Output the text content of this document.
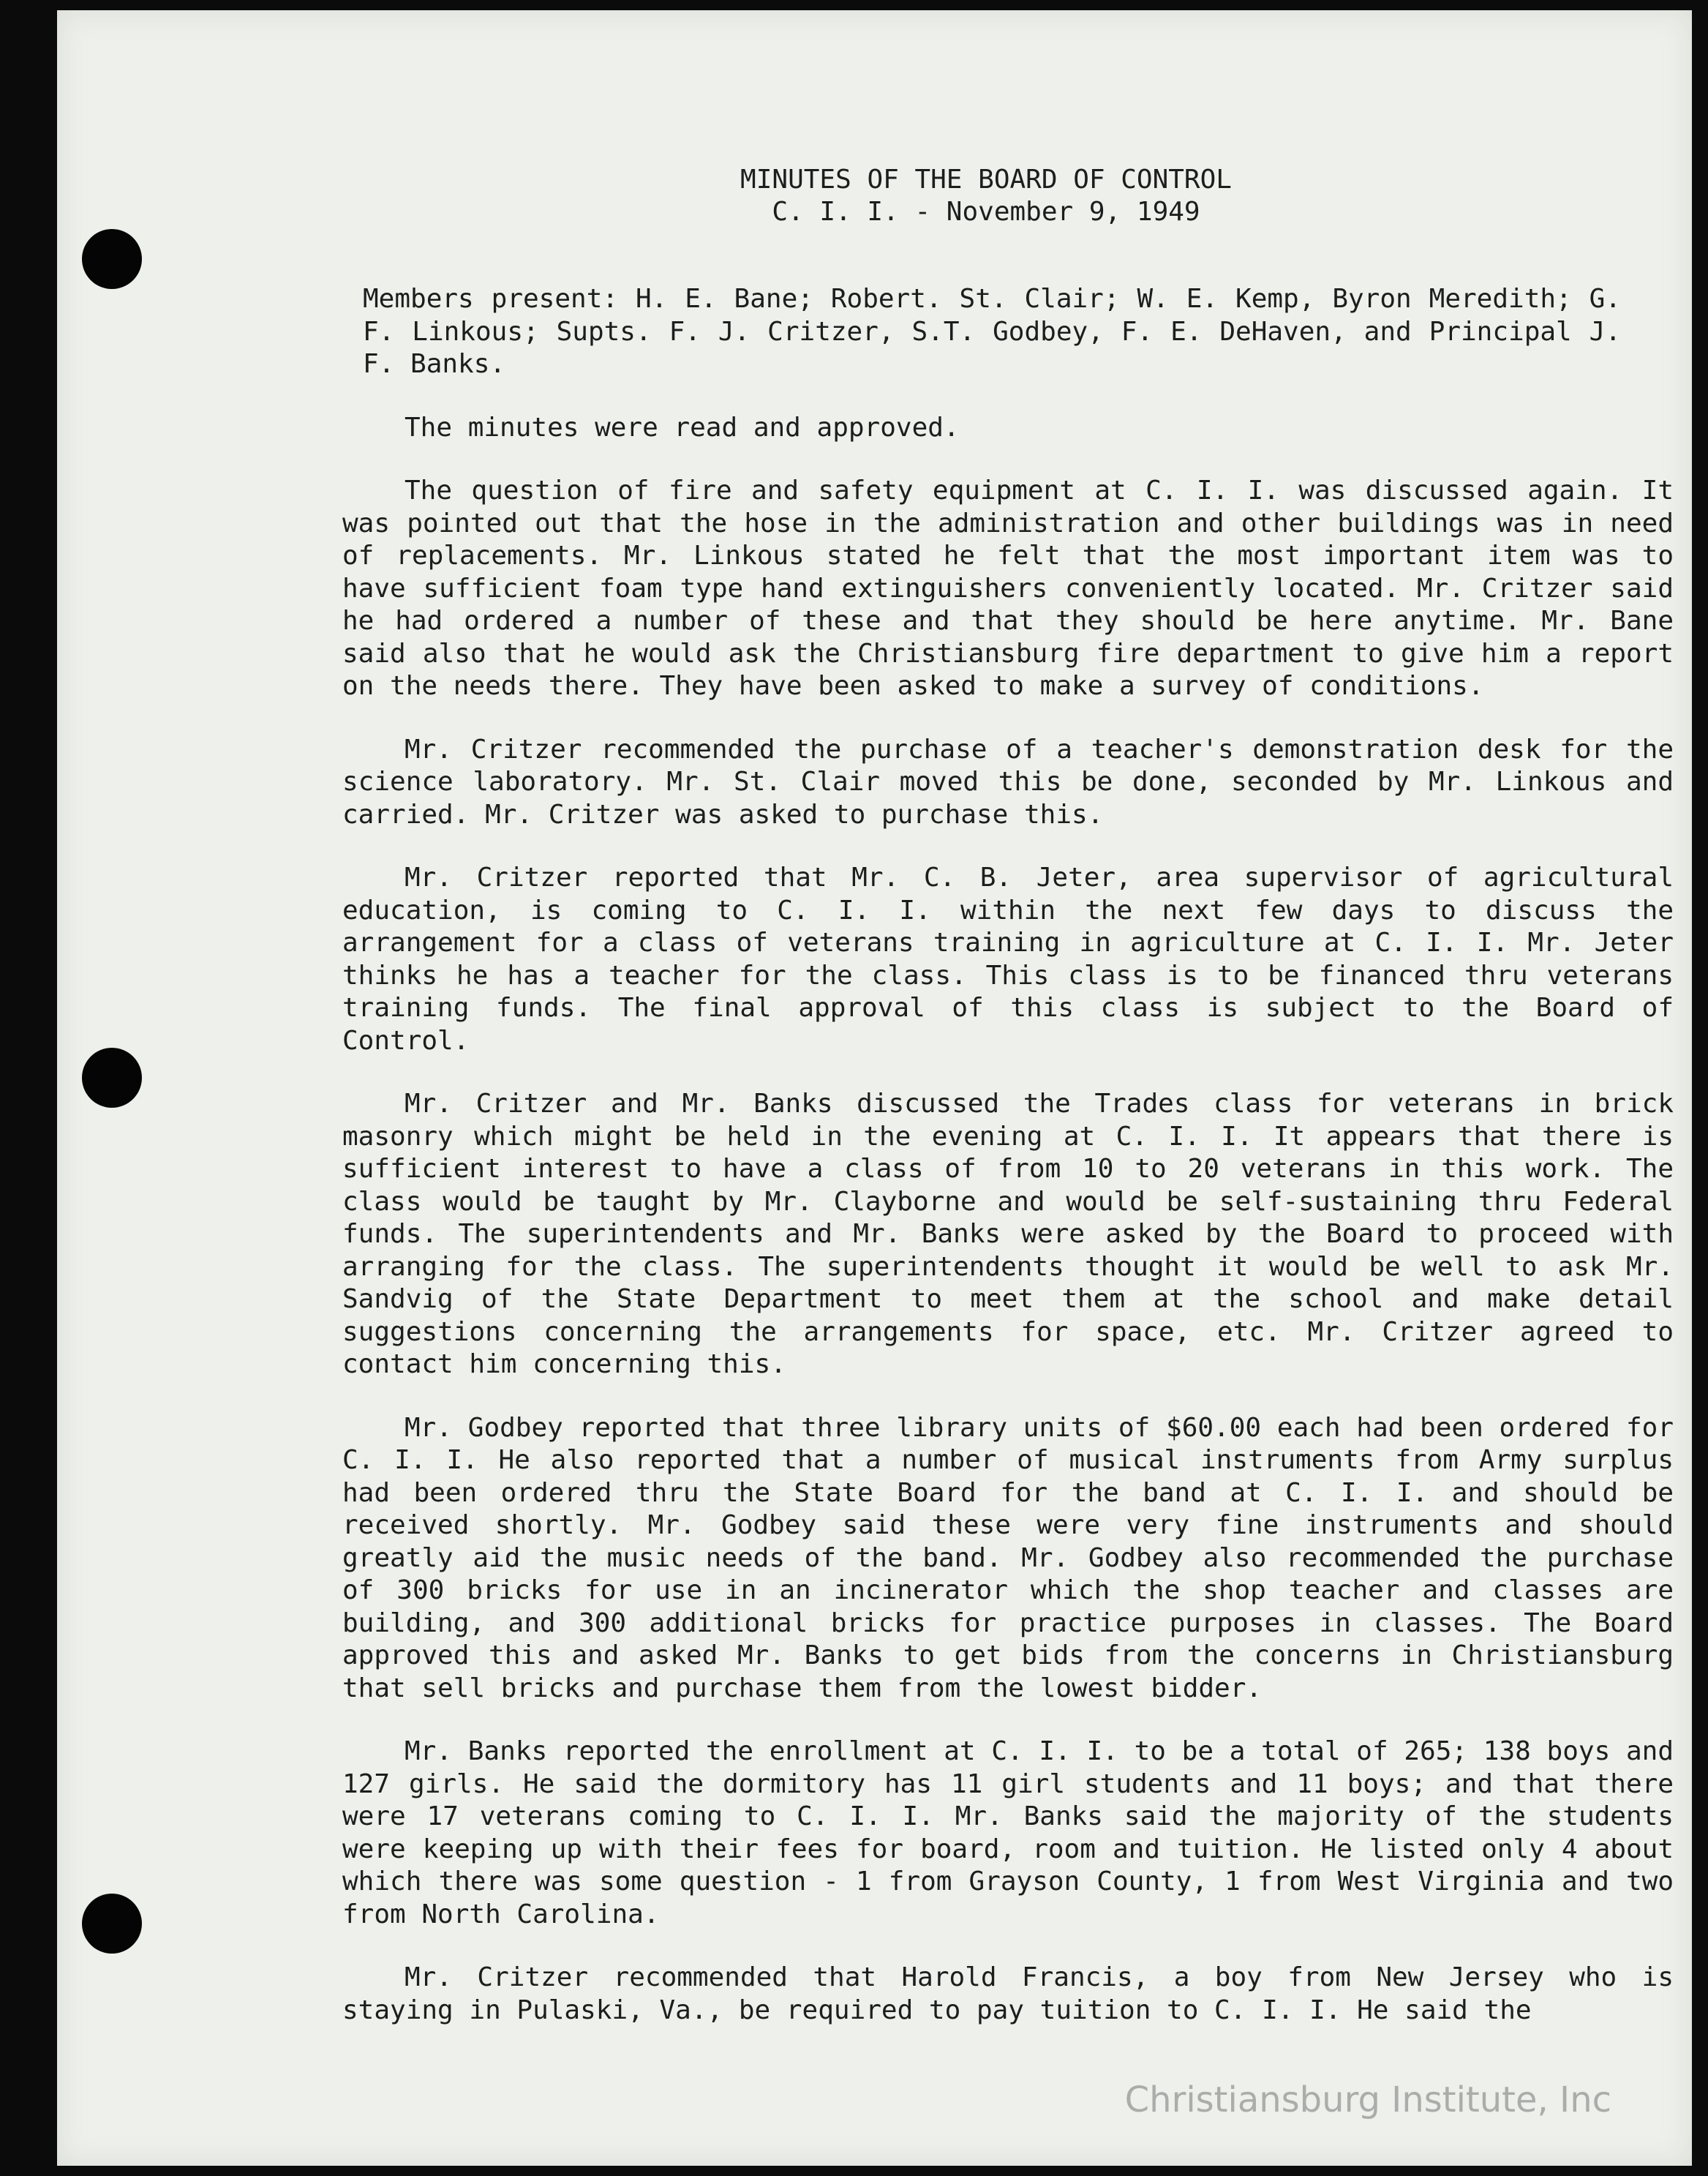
MINUTES OF THE BOARD OF CONTROL
C. I. I. - November 9, 1949

Members present: H. E. Bane; Robert. St. Clair; W. E. Kemp, Byron Meredith; G. F. Linkous; Supts. F. J. Critzer, S.T. Godbey, F. E. DeHaven, and Principal J. F. Banks.

The minutes were read and approved.

The question of fire and safety equipment at C. I. I. was discussed again. It was pointed out that the hose in the administration and other buildings was in need of replacements. Mr. Linkous stated he felt that the most important item was to have sufficient foam type hand extinguishers conveniently located. Mr. Critzer said he had ordered a number of these and that they should be here anytime. Mr. Bane said also that he would ask the Christiansburg fire department to give him a report on the needs there. They have been asked to make a survey of conditions.

Mr. Critzer recommended the purchase of a teacher's demonstration desk for the science laboratory. Mr. St. Clair moved this be done, seconded by Mr. Linkous and carried. Mr. Critzer was asked to purchase this.

Mr. Critzer reported that Mr. C. B. Jeter, area supervisor of agricultural education, is coming to C. I. I. within the next few days to discuss the arrangement for a class of veterans training in agriculture at C. I. I. Mr. Jeter thinks he has a teacher for the class. This class is to be financed thru veterans training funds. The final approval of this class is subject to the Board of Control.

Mr. Critzer and Mr. Banks discussed the Trades class for veterans in brick masonry which might be held in the evening at C. I. I. It appears that there is sufficient interest to have a class of from 10 to 20 veterans in this work. The class would be taught by Mr. Clayborne and would be self-sustaining thru Federal funds. The superintendents and Mr. Banks were asked by the Board to proceed with arranging for the class. The superintendents thought it would be well to ask Mr. Sandvig of the State Department to meet them at the school and make detail suggestions concerning the arrangements for space, etc. Mr. Critzer agreed to contact him concerning this.

Mr. Godbey reported that three library units of $60.00 each had been ordered for C. I. I. He also reported that a number of musical instruments from Army surplus had been ordered thru the State Board for the band at C. I. I. and should be received shortly. Mr. Godbey said these were very fine instruments and should greatly aid the music needs of the band. Mr. Godbey also recommended the purchase of 300 bricks for use in an incinerator which the shop teacher and classes are building, and 300 additional bricks for practice purposes in classes. The Board approved this and asked Mr. Banks to get bids from the concerns in Christiansburg that sell bricks and purchase them from the lowest bidder.

Mr. Banks reported the enrollment at C. I. I. to be a total of 265; 138 boys and 127 girls. He said the dormitory has 11 girl students and 11 boys; and that there were 17 veterans coming to C. I. I. Mr. Banks said the majority of the students were keeping up with their fees for board, room and tuition. He listed only 4 about which there was some question - 1 from Grayson County, 1 from West Virginia and two from North Carolina.

Mr. Critzer recommended that Harold Francis, a boy from New Jersey who is staying in Pulaski, Va., be required to pay tuition to C. I. I. He said the

Christiansburg Institute, Inc
